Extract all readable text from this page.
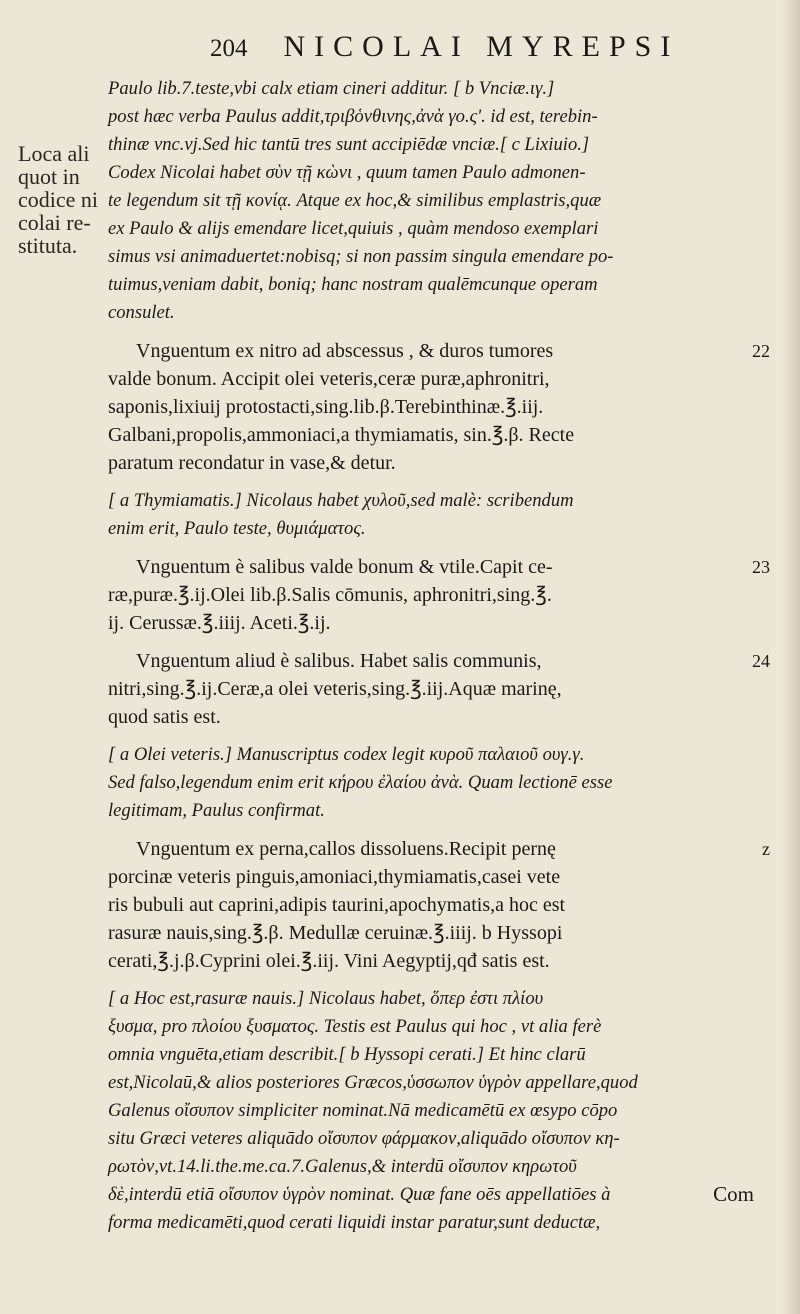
204 NICOLAI MYREPSI
Loca ali
quot in
codice ni
colai re-
stituta.
Paulo lib.7.teste,vbi calx etiam cineri additur. [ b Vnciæ.ιγ.]
post hæc verba Paulus addit,τριβὁνθινης,ἀνὰ γο.ς'. id est, terebin-
thinæ vnc.vj.Sed hic tantū tres sunt accipiēdæ vnciæ.[ c Lixiuio.]
Codex Nicolai habet σὺν τῇ κὼνι , quum tamen Paulo admonen-
te legendum sit τῇ κονίᾳ. Atque ex hoc,& similibus emplastris,quæ
ex Paulo & alijs emendare licet,quiuis , quàm mendoso exemplari
simus vsi animaduertet:nobisq; si non passim singula emendare po-
tuimus,veniam dabit, boniq; hanc nostram qualēmcunque operam
consulet.
Vnguentum ex nitro ad abscessus , & duros tumores	22
valde bonum. Accipit olei veteris,ceræ puræ,aphronitri,
saponis,lixiuij protostacti,sing.lib.β.Terebinthinæ.℥.iij.
Galbani,propolis,ammoniaci,a thymiamatis, sin.℥.β. Recte
paratum recondatur in vase,& detur.
[ a Thymiamatis.] Nicolaus habet χυλοῦ,sed malè: scribendum
enim erit, Paulo teste, θυμιάματος.
Vnguentum è salibus valde bonum & vtile.Capit ce-	23
ræ,puræ.℥.ij.Olei lib.β.Salis cōmunis, aphronitri,sing.℥.
ij. Cerussæ.℥.iiij. Aceti.℥.ij.
Vnguentum aliud è salibus. Habet salis communis,	24
nitri,sing.℥.ij.Ceræ,a olei veteris,sing.℥.iij.Aquæ marinę,
quod satis est.
[ a Olei veteris.] Manuscriptus codex legit κυροῦ παλαιοῦ ουγ.γ.
Sed falso,legendum enim erit κήρου ἐλαίου ἀνὰ. Quam lectionē esse
legitimam, Paulus confirmat.
Vnguentum ex perna,callos dissoluens.Recipit pernę	z
porcinæ veteris pinguis,amoniaci,thymiamatis,casei vete
ris bubuli aut caprini,adipis taurini,apochymatis,a hoc est
rasuræ nauis,sing.℥.β. Medullæ ceruinæ.℥.iiij. b Hyssopi
cerati,℥.j.β.Cyprini olei.℥.iij. Vini Aegyptij,qđ satis est.
[ a Hoc est,rasuræ nauis.] Nicolaus habet, ὅπερ ἐστι πλίου
ξυσμα, pro πλοίου ξυσματος. Testis est Paulus qui hoc , vt alia ferè
omnia vnguēta,etiam describit.[ b Hyssopi cerati.] Et hinc clarū
est,Nicolaū,& alios posteriores Græcos,ὑσσωπον ὑγρὸν appellare,quod
Galenus οἴσυπον simpliciter nominat.Nā medicamētū ex œsypo cōpo
situ Græci veteres aliquādo οἴσυπον φάρμακον,aliquādo οἴσυπον κη-
ρωτὸν,vt.14.li.the.me.ca.7.Galenus,& interdū οἴσυπον κηρωτοῦ
δὲ,interdū etiā οἴσυπον ὑγρὸν nominat. Quæ fane oēs appellatiōes à
forma medicamēti,quod cerati liquidi instar paratur,sunt deductæ,
Com
